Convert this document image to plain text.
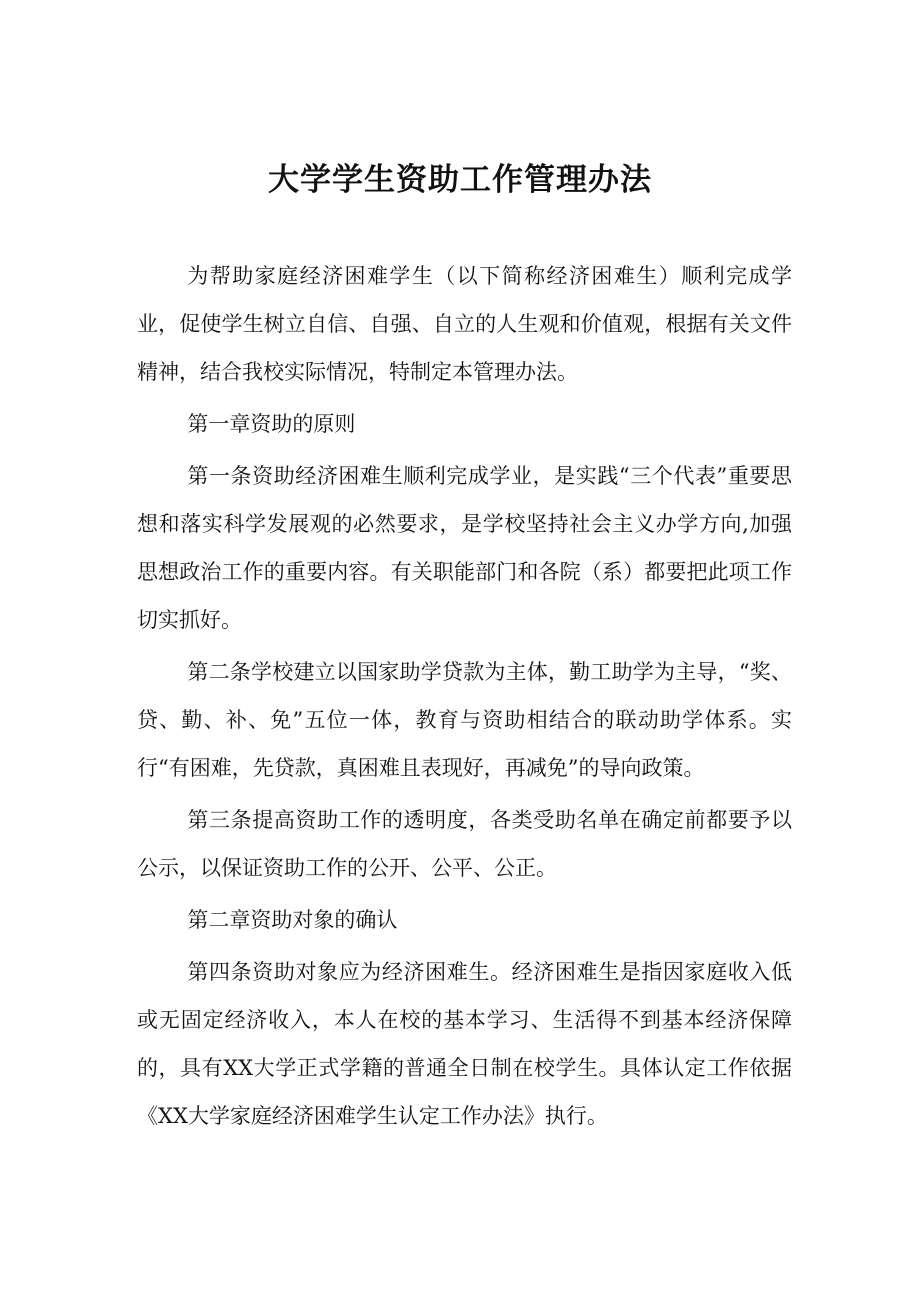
大学学生资助工作管理办法

为帮助家庭经济困难学生（以下简称经济困难生）顺利完成学业，促使学生树立自信、自强、自立的人生观和价值观，根据有关文件精神，结合我校实际情况，特制定本管理办法。

第一章资助的原则

第一条资助经济困难生顺利完成学业，是实践“三个代表”重要思想和落实科学发展观的必然要求，是学校坚持社会主义办学方向,加强思想政治工作的重要内容。有关职能部门和各院（系）都要把此项工作切实抓好。

第二条学校建立以国家助学贷款为主体，勤工助学为主导，“奖、贷、勤、补、免”五位一体，教育与资助相结合的联动助学体系。实行“有困难，先贷款，真困难且表现好，再减免”的导向政策。

第三条提高资助工作的透明度，各类受助名单在确定前都要予以公示，以保证资助工作的公开、公平、公正。

第二章资助对象的确认

第四条资助对象应为经济困难生。经济困难生是指因家庭收入低或无固定经济收入，本人在校的基本学习、生活得不到基本经济保障的，具有XX大学正式学籍的普通全日制在校学生。具体认定工作依据《XX大学家庭经济困难学生认定工作办法》执行。
